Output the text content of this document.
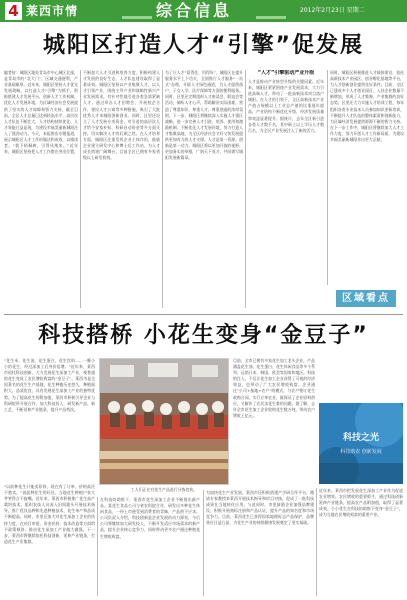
4 莱西市情	综合信息	2012年2月23日 星期二
城阳区打造人才“引擎”促发展
编者按：城阳区地处青岛市中心城区北部，是青岛市的“北大门”，区域交通便利，产业基础雄厚。近年来，城阳区坚持人才优先发展战略，以打造人才“引擎”为抓手，积极搭建人才发展平台，创新人才工作机制，优化人才发展环境，为区域经济社会发展提供了坚实的人才保障和智力支持。截至目前，全区人才总量已达到较高水平，高层次人才队伍不断壮大，人才结构持续优化，人才效能日益显现，为建设幸福美丽新城阳注入了强劲动力。今天，本报推出专题报道，展示城阳区人才工作的做法和成效，以飨读者。“栽下梧桐树，引得凤凰来。”近年来，城阳区坚持把人才工作摆在突出位置，
不断加大人才引进和培养力度，积极构建人才发展的良好生态，人才队伍建设取得了显著成效。城阳区坚持以产业集聚人才、以人才引领产业，围绕主导产业和战略性新兴产业发展需求，有针对性地引进各类急需紧缺人才。通过举办人才招聘会、开展校企合作、建设人才公寓等多种措施，吸引了大批优秀人才来城阳创新创业。同时，区里还设立了人才发展专项资金，对引进的高层次人才给予安家补贴、科研启动资金等多方面支持，切实解决人才的后顾之忧。在人才培养方面，城阳区注重发挥企业主体作用，鼓励企业建立研发中心和博士后工作站，为人才成长搭建广阔舞台，目前全区已拥有多家省级以上研发机构。
为了让人才“留得住、用得好”，城阳区在提升服务水平上下功夫，全面推行人才服务“一站式”办理，开辟人才绿色通道，为人才提供落户、子女入学、医疗保障等方面的便利服务。同时，区里还定期组织人才座谈会、联谊会等活动，倾听人才心声，帮助解决实际困难，营造了尊重知识、尊重人才、尊重创造的浓厚氛围。下一步，城阳区将继续深入实施人才强区战略，进一步完善人才引进、培养、使用和激励机制，不断优化人才发展环境，努力打造人才集聚高地，为全区经济社会又好又快发展提供更加有力的人才支撑。人才是第一资源，创新是第一动力。城阳区将以更加开放的视野、更加务实的举措，广纳天下英才，共同谱写城阳发展新篇章。
“人才”引擎驱动产业升级
人才是推动产业转型升级的关键因素。近年来，城阳区紧紧围绕产业发展需求，大力引进高端人才，带动了一批高新技术项目落户城阳。在人才的引领下，全区高新技术产业产值占规模以上工业总产值的比重逐年提高，产业结构不断优化升级，经济发展质量和效益显著提升。据统计，去年全区新引进各类人才数千名，其中硕士以上学历人才数百名，为全区产业发展注入了新的活力。
同时，城阳区积极推进人才载体建设，依托高新技术产业园区、创业孵化基地等平台，为人才创新创业提供良好条件。目前，全区已建成多个人才创业园区，入驻企业数量不断增加，形成了人才集聚、产业集群的良好态势。区里还大力实施人才培训工程，每年组织各类专业技术人员参加知识更新培训，不断提升人才队伍的整体素质和创新能力，为区域经济发展提供源源不断的智力支持。在下一步工作中，城阳区将继续加大人才工作力度，努力开创人才工作新局面，为建设幸福美丽新城阳作出更大贡献。
区域看点
科技搭桥 小花生变身“金豆子”
“花生米、花生油、花生蛋白、花生饮料……一颗小小的花生，经过深加工后身价倍增。”近年来，莱西市依托科技创新，大力发展花生深加工产业，使普通的花生变成了农民增收致富的“金豆子”。莱西市是全国著名的花生生产基地，花生种植历史悠久，种植面积大、品质优良，具有发展花生深加工产业的独特优势。为了提高花生的附加值，莱西市积极引导企业与科研院所开展合作，加大科技投入，研发新产品、新工艺，不断延伸产业链条，提升产品档次。
目前，全市已拥有多家花生加工龙头企业，产品涵盖花生油、花生蛋白、花生休闲食品等多个系列，远销日本、韩国、欧美等国家和地区。科技的注入，不仅让花生加工企业获得了可观的经济效益，也带动了广大农民增收致富。企业通过“公司+基地+农户”的模式，与农户签订花生收购合同，实行订单农业，既保证了企业原料供应，又解决了农民卖花生难的问题。据了解，去年全市花生加工企业收购花生数万吨，带动农户增收上亿元。
科技之光
科技助农 创新发展
工人们正在对花生产品进行分拣包装。
“以前种花生只能卖原料，现在有了订单，价格高还不愁卖。”说起种花生的好处，当地花生种植户张大爷笑得合不拢嘴。近年来，莱西市积极推广花生高产栽培技术，组织农技人员深入田间地头开展技术指导，推广优良品种和先进种植技术，花生单产和品质不断提高。同时，市里还加大对花生深加工企业的扶持力度，在项目审批、资金扶持、技术改造等方面给予政策倾斜，推动花生深加工产业做大做强。下一步，莱西市将继续依托科技创新，延伸产业链条，打造花生产业集群。
在科技的助推下，莱西市花生深加工企业不断推出新产品。某花生食品公司与省农科院合作，研发出多种花生休闲食品，一经上市便受到消费者的青睐，产品供不应求。公司负责人介绍，科技创新是企业发展的动力源泉，今后公司将继续加大研发投入，不断开发适应市场需求的新产品，提升企业核心竞争力，同时带动更多农户通过种植花生增收致富。
为加快花生产业发展，莱西市还积极搭建产学研合作平台，邀请专家教授来莱西开展技术指导和项目对接，促成了一批科技成果在当地转化应用。与此同时，市里鼓励企业加强品牌建设，积极开展商标注册和产品认证，提升产品的知名度和市场竞争力。目前，莱西花生已获得国家地理标志产品保护，品牌效应日益凸显，为花生产业的持续健康发展奠定了坚实基础。
近年来，莱西市把发展花生深加工产业作为促进农业增效、农民增收的重要抓手，通过科技创新延伸产业链条，提高农产品附加值，取得了显著成效。小小花生在科技的助推下变身“金豆子”，成为当地农民增收致富的重要产业。
